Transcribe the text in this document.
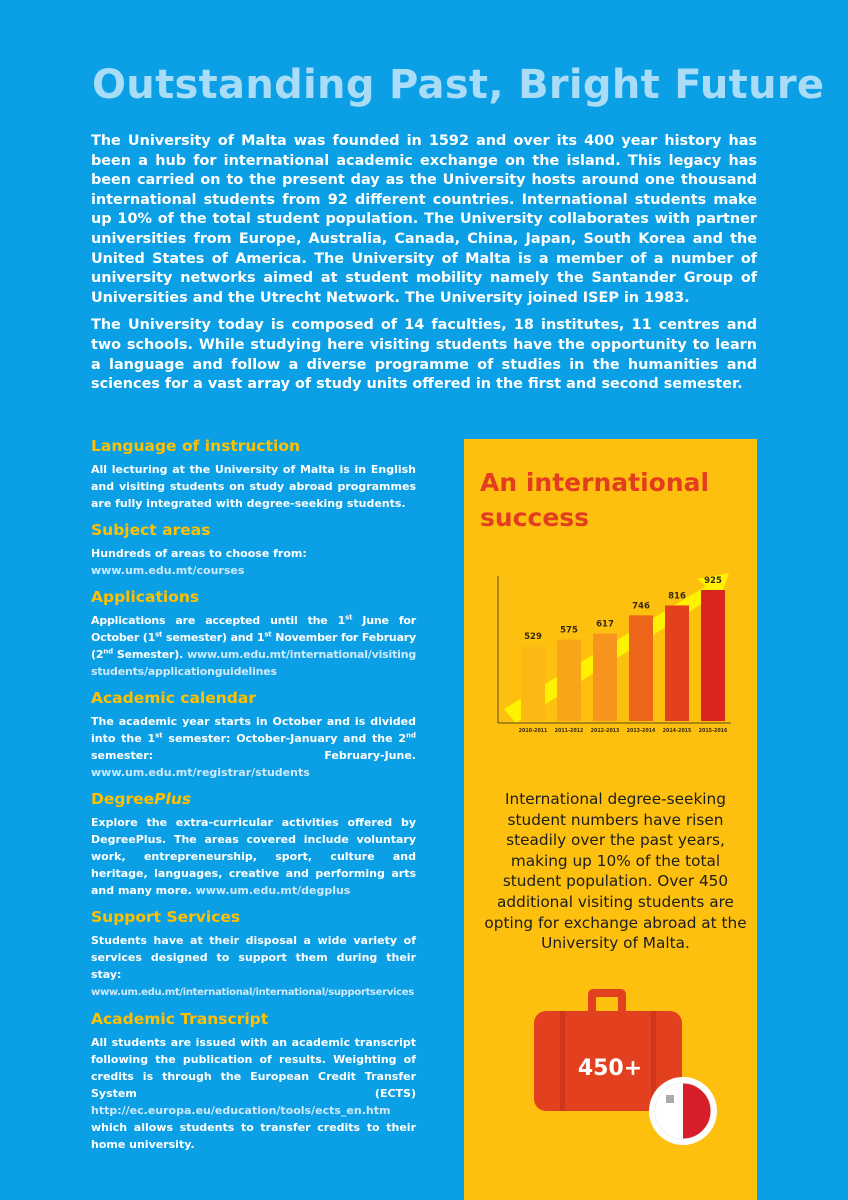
Outstanding Past, Bright Future

The University of Malta was founded in 1592 and over its 400 year history has been a hub for international academic exchange on the island. This legacy has been carried on to the present day as the University hosts around one thousand international students from 92 different countries. International students make up 10% of the total student population. The University collaborates with partner universities from Europe, Australia, Canada, China, Japan, South Korea and the United States of America. The University of Malta is a member of a number of university networks aimed at student mobility namely the Santander Group of Universities and the Utrecht Network. The University joined ISEP in 1983.

The University today is composed of 14 faculties, 18 institutes, 11 centres and two schools. While studying here visiting students have the opportunity to learn a language and follow a diverse programme of studies in the humanities and sciences for a vast array of study units offered in the first and second semester.

Language of instruction

All lecturing at the University of Malta is in English and visiting students on study abroad programmes are fully integrated with degree-seeking students.

Subject areas

Hundreds of areas to choose from:
www.um.edu.mt/courses

Applications

Applications are accepted until the 1st June for October (1st semester) and 1st November for February (2nd Semester). www.um.edu.mt/international/visitingstudents/applicationguidelines

Academic calendar

The academic year starts in October and is divided into the 1st semester: October-January and the 2nd semester: February-June. www.um.edu.mt/registrar/students

DegreePlus

Explore the extra-curricular activities offered by DegreePlus. The areas covered include voluntary work, entrepreneurship, sport, culture and heritage, languages, creative and performing arts and many more. www.um.edu.mt/degplus

Support Services

Students have at their disposal a wide variety of services designed to support them during their stay: www.um.edu.mt/international/international/supportservices

Academic Transcript

All students are issued with an academic transcript following the publication of results. Weighting of credits is through the European Credit Transfer System (ECTS) http://ec.europa.eu/education/tools/ects_en.htm which allows students to transfer credits to their home university.

An international
success
529
575
617
746
816
925
2010-2011 2011-2012 2012-2013 2013-2014 2014-2015 2015-2016
International degree-seeking student numbers have risen steadily over the past years, making up 10% of the total student population. Over 450 additional visiting students are opting for exchange abroad at the University of Malta.
450+
